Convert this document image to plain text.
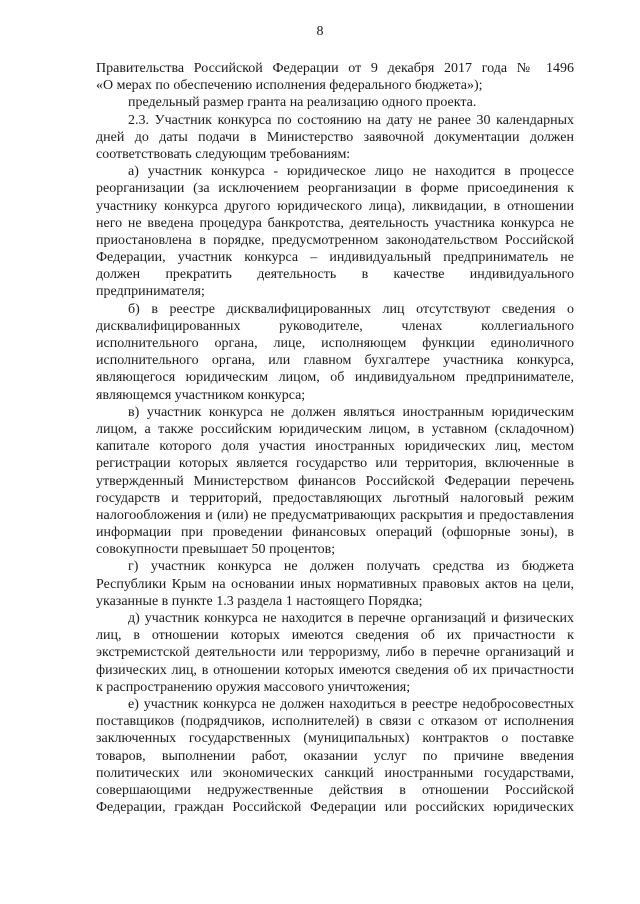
8
Правительства Российской Федерации от 9 декабря 2017 года № 1496
«О мерах по обеспечению исполнения федерального бюджета»);
предельный размер гранта на реализацию одного проекта.
2.3. Участник конкурса по состоянию на дату не ранее 30 календарных
дней до даты подачи в Министерство заявочной документации должен
соответствовать следующим требованиям:
а) участник конкурса - юридическое лицо не находится в процессе
реорганизации (за исключением реорганизации в форме присоединения к
участнику конкурса другого юридического лица), ликвидации, в отношении
него не введена процедура банкротства, деятельность участника конкурса не
приостановлена в порядке, предусмотренном законодательством Российской
Федерации, участник конкурса – индивидуальный предприниматель не
должен прекратить деятельность в качестве индивидуального
предпринимателя;
б) в реестре дисквалифицированных лиц отсутствуют сведения о
дисквалифицированных руководителе, членах коллегиального
исполнительного органа, лице, исполняющем функции единоличного
исполнительного органа, или главном бухгалтере участника конкурса,
являющегося юридическим лицом, об индивидуальном предпринимателе,
являющемся участником конкурса;
в) участник конкурса не должен являться иностранным юридическим
лицом, а также российским юридическим лицом, в уставном (складочном)
капитале которого доля участия иностранных юридических лиц, местом
регистрации которых является государство или территория, включенные в
утвержденный Министерством финансов Российской Федерации перечень
государств и территорий, предоставляющих льготный налоговый режим
налогообложения и (или) не предусматривающих раскрытия и предоставления
информации при проведении финансовых операций (офшорные зоны), в
совокупности превышает 50 процентов;
г) участник конкурса не должен получать средства из бюджета
Республики Крым на основании иных нормативных правовых актов на цели,
указанные в пункте 1.3 раздела 1 настоящего Порядка;
д) участник конкурса не находится в перечне организаций и физических
лиц, в отношении которых имеются сведения об их причастности к
экстремистской деятельности или терроризму, либо в перечне организаций и
физических лиц, в отношении которых имеются сведения об их причастности
к распространению оружия массового уничтожения;
е) участник конкурса не должен находиться в реестре недобросовестных
поставщиков (подрядчиков, исполнителей) в связи с отказом от исполнения
заключенных государственных (муниципальных) контрактов о поставке
товаров, выполнении работ, оказании услуг по причине введения
политических или экономических санкций иностранными государствами,
совершающими недружественные действия в отношении Российской
Федерации, граждан Российской Федерации или российских юридических
